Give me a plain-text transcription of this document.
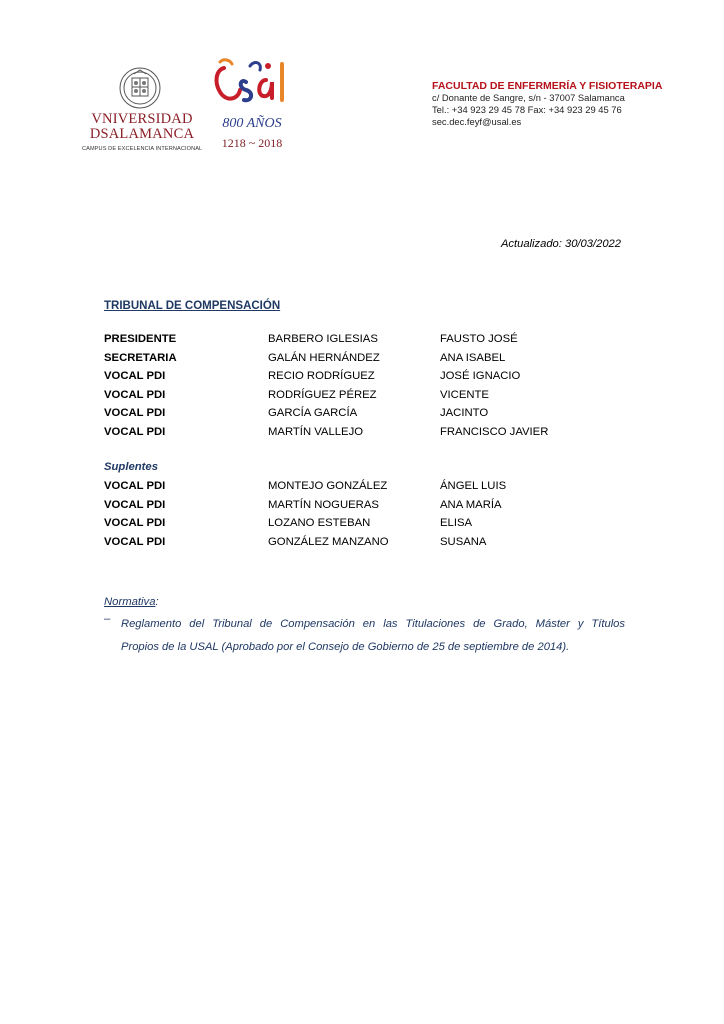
VNIVERSIDAD
DSALAMANCA
CAMPUS DE EXCELENCIA INTERNACIONAL
800 AÑOS
1218 ~ 2018
FACULTAD DE ENFERMERÍA Y FISIOTERAPIA
c/ Donante de Sangre, s/n - 37007 Salamanca
Tel.: +34 923 29 45 78 Fax: +34 923 29 45 76
sec.dec.feyf@usal.es
Actualizado: 30/03/2022
TRIBUNAL DE COMPENSACIÓN
PRESIDENTE	BARBERO IGLESIAS	FAUSTO JOSÉ
SECRETARIA	GALÁN HERNÁNDEZ	ANA ISABEL
VOCAL PDI	RECIO RODRÍGUEZ	JOSÉ IGNACIO
VOCAL PDI	RODRÍGUEZ PÉREZ	VICENTE
VOCAL PDI	GARCÍA GARCÍA	JACINTO
VOCAL PDI	MARTÍN VALLEJO	FRANCISCO JAVIER
Suplentes
VOCAL PDI	MONTEJO GONZÁLEZ	ÁNGEL LUIS
VOCAL PDI	MARTÍN NOGUERAS	ANA MARÍA
VOCAL PDI	LOZANO ESTEBAN	ELISA
VOCAL PDI	GONZÁLEZ MANZANO	SUSANA
Normativa:
– Reglamento del Tribunal de Compensación en las Titulaciones de Grado, Máster y Títulos
Propios de la USAL (Aprobado por el Consejo de Gobierno de 25 de septiembre de 2014).
